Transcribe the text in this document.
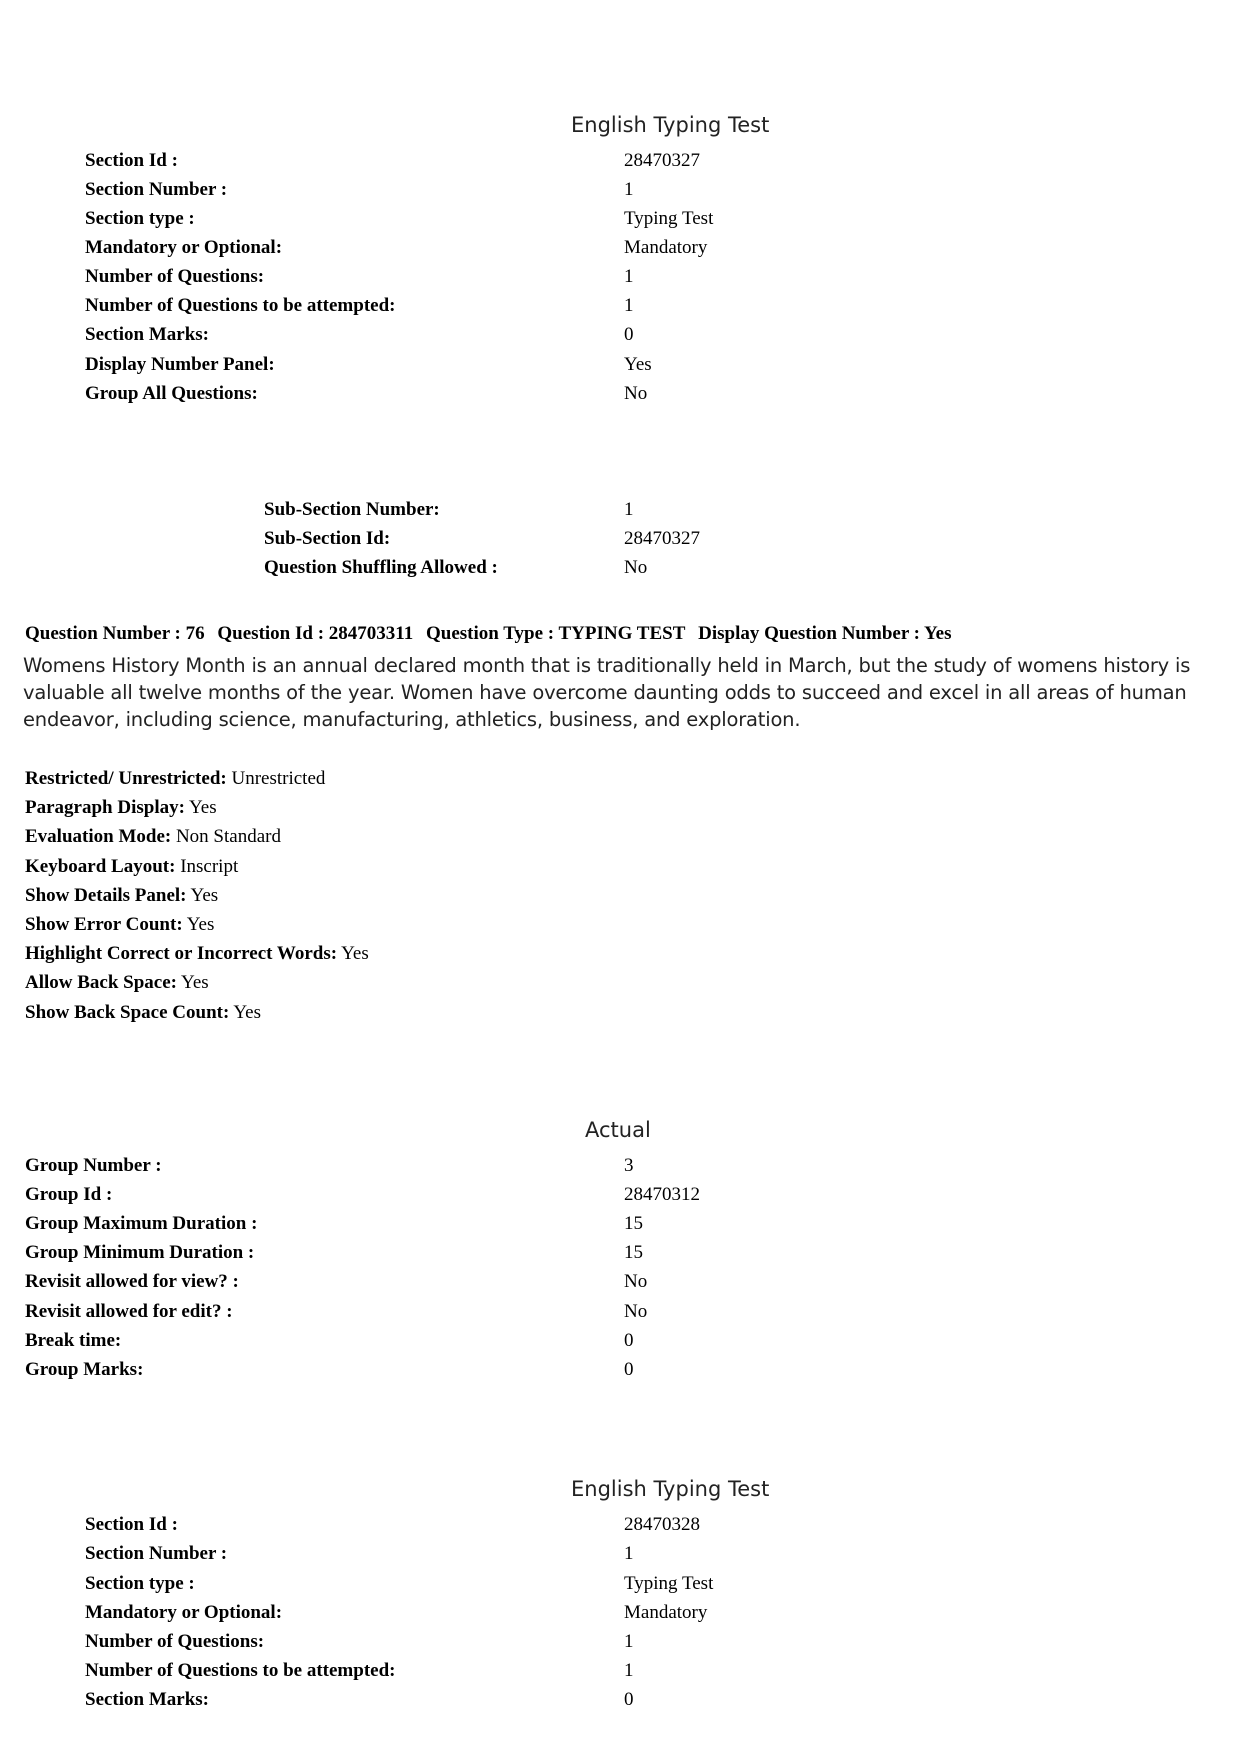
English Typing Test
Section Id :	28470327
Section Number :	1
Section type :	Typing Test
Mandatory or Optional:	Mandatory
Number of Questions:	1
Number of Questions to be attempted:	1
Section Marks:	0
Display Number Panel:	Yes
Group All Questions:	No
Sub-Section Number:	1
Sub-Section Id:	28470327
Question Shuffling Allowed :	No
Question Number : 76 Question Id : 284703311 Question Type : TYPING TEST Display Question Number : Yes
Womens History Month is an annual declared month that is traditionally held in March, but the study of womens history is valuable all twelve months of the year. Women have overcome daunting odds to succeed and excel in all areas of human endeavor, including science, manufacturing, athletics, business, and exploration.
Restricted/ Unrestricted: Unrestricted
Paragraph Display: Yes
Evaluation Mode: Non Standard
Keyboard Layout: Inscript
Show Details Panel: Yes
Show Error Count: Yes
Highlight Correct or Incorrect Words: Yes
Allow Back Space: Yes
Show Back Space Count: Yes
Actual
Group Number :	3
Group Id :	28470312
Group Maximum Duration :	15
Group Minimum Duration :	15
Revisit allowed for view? :	No
Revisit allowed for edit? :	No
Break time:	0
Group Marks:	0
English Typing Test
Section Id :	28470328
Section Number :	1
Section type :	Typing Test
Mandatory or Optional:	Mandatory
Number of Questions:	1
Number of Questions to be attempted:	1
Section Marks:	0
